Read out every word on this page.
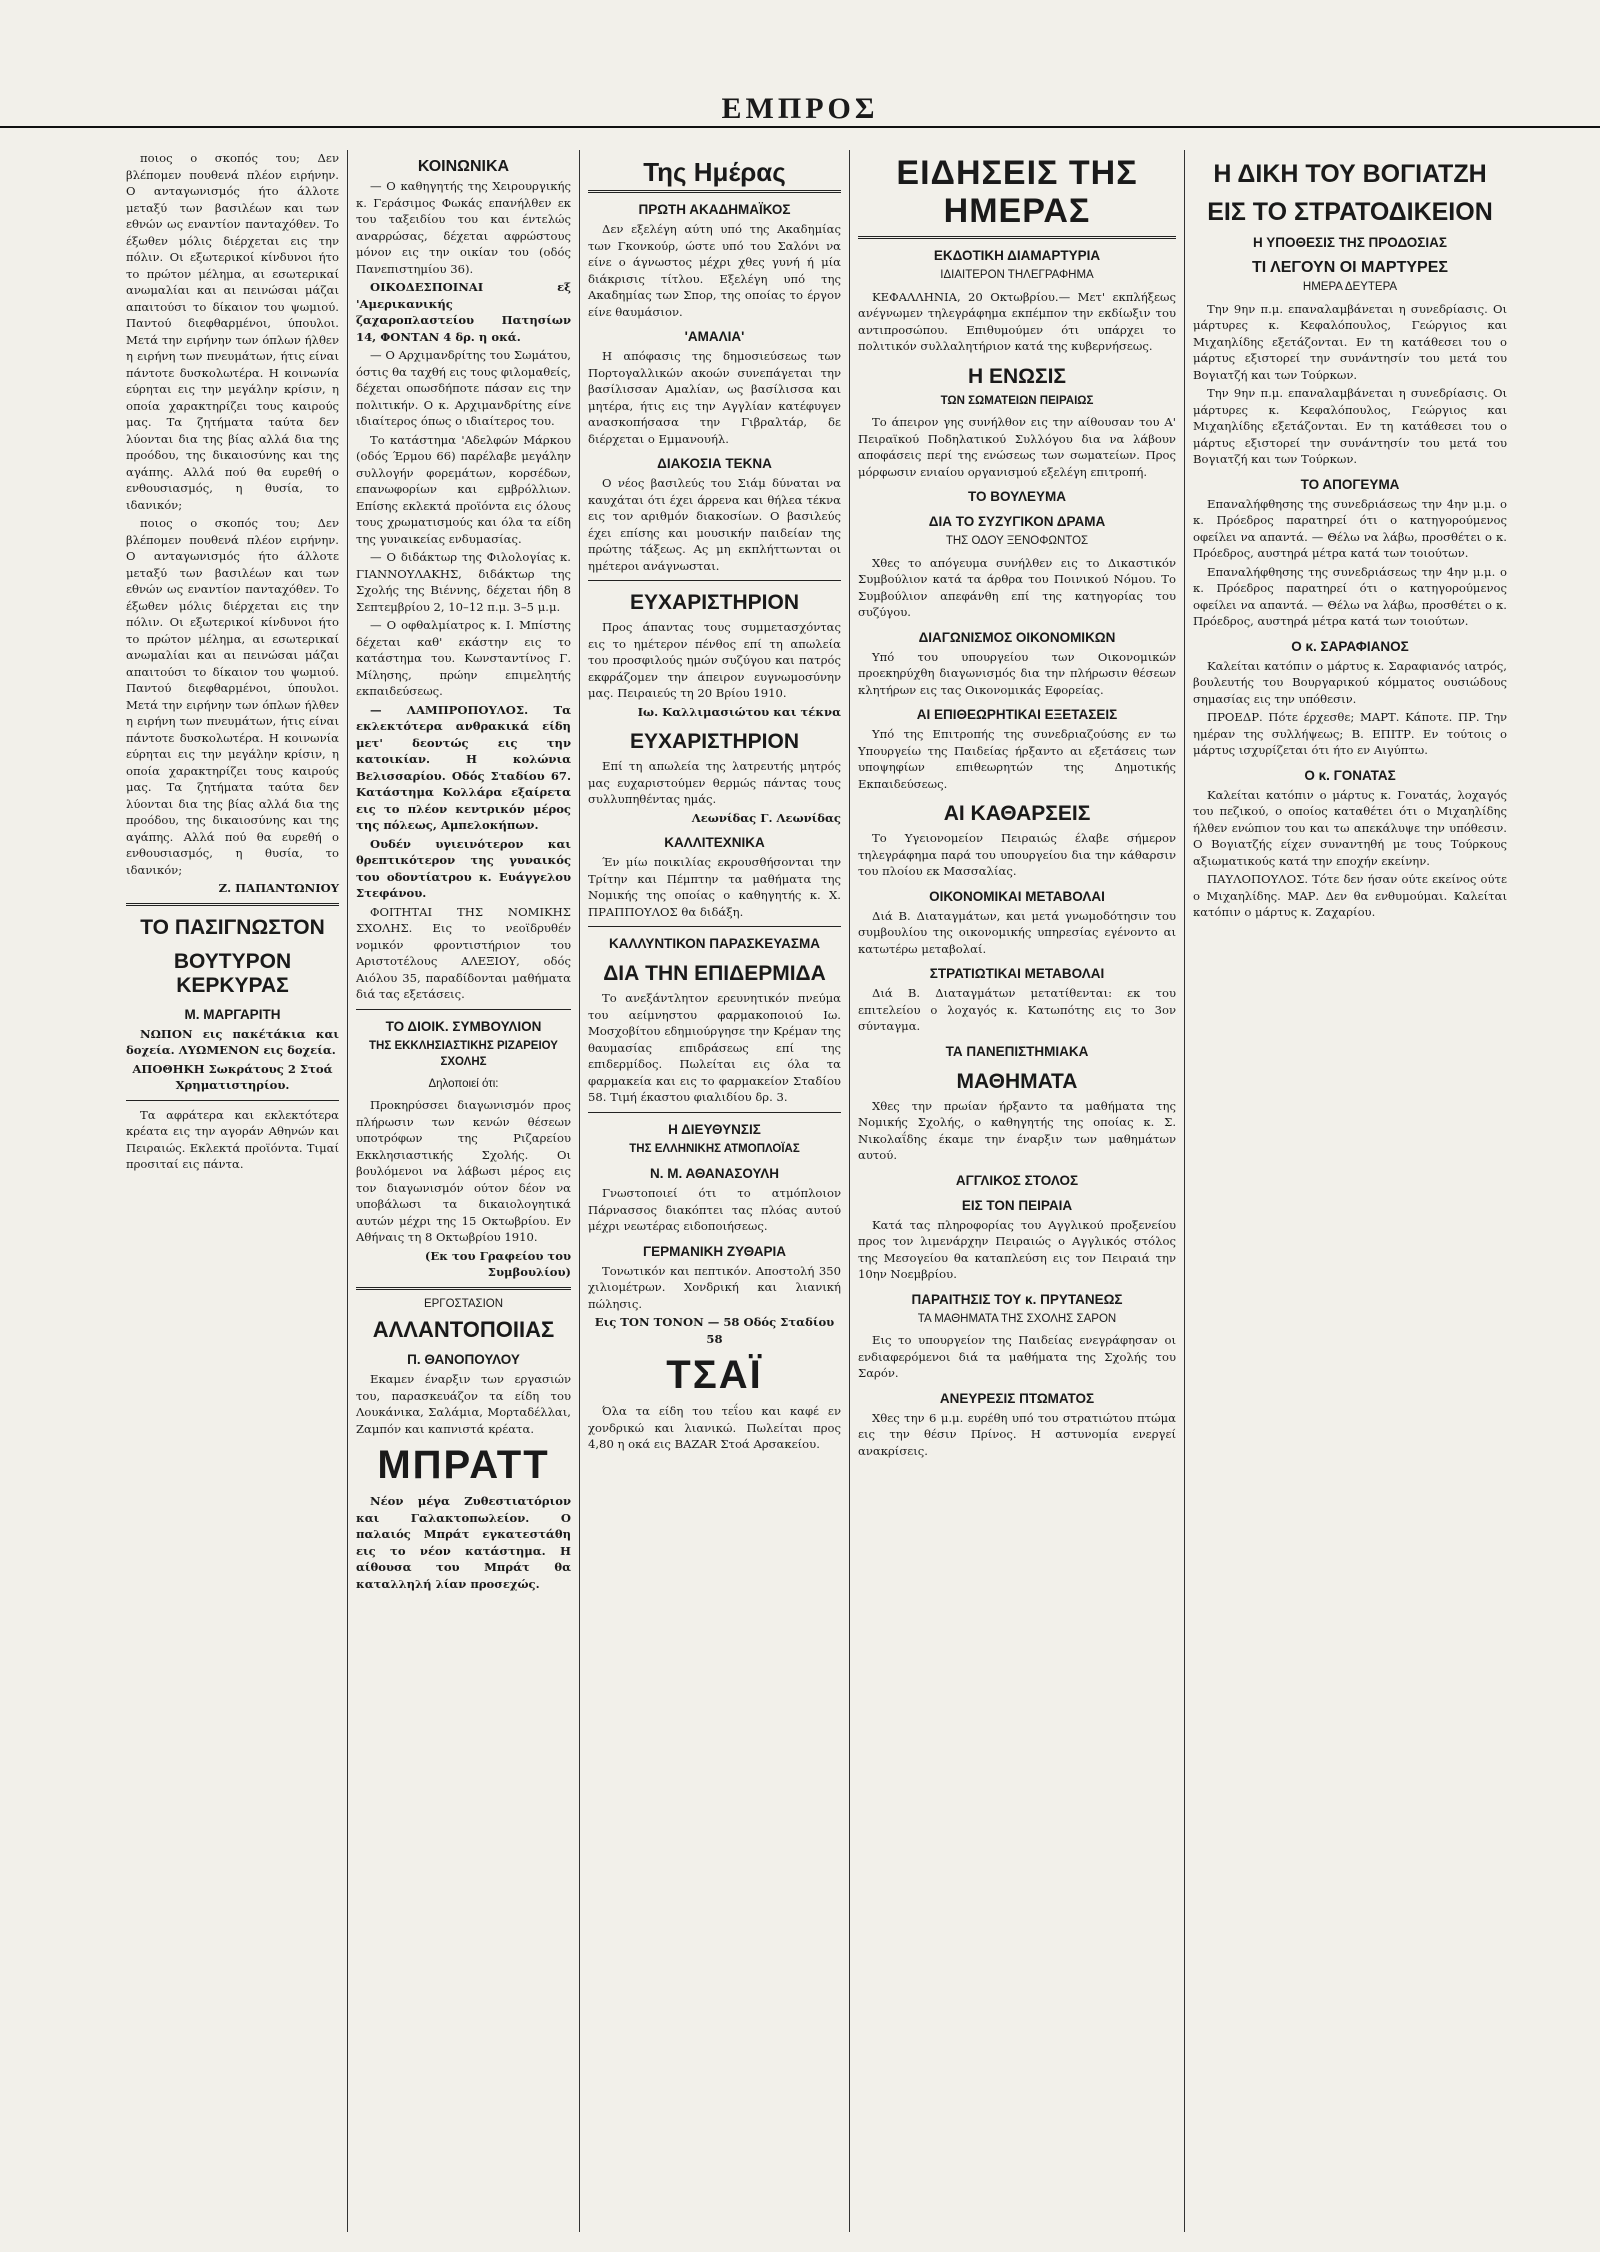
ΕΜΠΡΟΣ

ποιος ο σκοπός του; Δεν βλέπομεν πουθενά πλέον ειρήνην. Ο ανταγωνισμός ήτο άλλοτε μεταξύ των βασιλέων και των εθνών ως εναντίον πανταχόθεν. Το έξωθεν μόλις διέρχεται εις την πόλιν. Οι εξωτερικοί κίνδυνοι ήτο το πρώτον μέλημα, αι εσωτερικαί ανωμαλίαι και αι πεινώσαι μάζαι απαιτούσι το δίκαιον του ψωμιού. Παντού διεφθαρμένοι, ύπουλοι. Μετά την ειρήνην των όπλων ήλθεν η ειρήνη των πνευμάτων, ήτις είναι πάντοτε δυσκολωτέρα. Η κοινωνία εύρηται εις την μεγάλην κρίσιν, η οποία χαρακτηρίζει τους καιρούς μας. Τα ζητήματα ταύτα δεν λύονται δια της βίας αλλά δια της προόδου, της δικαιοσύνης και της αγάπης. Αλλά πού θα ευρεθή ο ενθουσιασμός, η θυσία, το ιδανικόν;

ποιος ο σκοπός του; Δεν βλέπομεν πουθενά πλέον ειρήνην. Ο ανταγωνισμός ήτο άλλοτε μεταξύ των βασιλέων και των εθνών ως εναντίον πανταχόθεν. Το έξωθεν μόλις διέρχεται εις την πόλιν. Οι εξωτερικοί κίνδυνοι ήτο το πρώτον μέλημα, αι εσωτερικαί ανωμαλίαι και αι πεινώσαι μάζαι απαιτούσι το δίκαιον του ψωμιού. Παντού διεφθαρμένοι, ύπουλοι. Μετά την ειρήνην των όπλων ήλθεν η ειρήνη των πνευμάτων, ήτις είναι πάντοτε δυσκολωτέρα. Η κοινωνία εύρηται εις την μεγάλην κρίσιν, η οποία χαρακτηρίζει τους καιρούς μας. Τα ζητήματα ταύτα δεν λύονται δια της βίας αλλά δια της προόδου, της δικαιοσύνης και της αγάπης. Αλλά πού θα ευρεθή ο ενθουσιασμός, η θυσία, το ιδανικόν;

Ζ. ΠΑΠΑΝΤΩΝΙΟΥ
ΤΟ ΠΑΣΙΓΝΩΣΤΟΝ
ΒΟΥΤΥΡΟΝ ΚΕΡΚΥΡΑΣ
Μ. ΜΑΡΓΑΡΙΤΗ

ΝΩΠΟΝ εις πακέτάκια και δοχεία. ΛΥΩΜΕΝΟΝ εις δοχεία.

ΑΠΟΘΗΚΗ Σωκράτους 2 Στοά Χρηματιστηρίου.

Τα αφράτερα και εκλεκτότερα κρέατα εις την αγοράν Αθηνών και Πειραιώς. Εκλεκτά προϊόντα. Τιμαί προσιταί εις πάντα.

ΚΟΙΝΩΝΙΚΑ

— Ο καθηγητής της Χειρουργικής κ. Γεράσιμος Φωκάς επανήλθεν εκ του ταξειδίου του και έντελώς αναρρώσας, δέχεται αφρώστους μόνον εις την οικίαν του (οδός Πανεπιστημίου 36).

ΟΙΚΟΔΕΣΠΟΙΝΑΙ εξ 'Αμερικανικής ζαχαροπλαστείου Πατησίων 14, ΦΟΝΤΑΝ 4 δρ. η οκά.

— Ο Αρχιμανδρίτης του Σωμάτου, όστις θα ταχθή εις τους φιλομαθείς, δέχεται οπωσδήποτε πάσαν εις την πολιτικήν. Ο κ. Αρχιμανδρίτης είνε ιδιαίτερος όπως ο ιδιαίτερος του.

Το κατάστημα 'Αδελφών Μάρκου (οδός Έρμου 66) παρέλαβε μεγάλην συλλογήν φορεμάτων, κορσέδων, επανωφορίων και εμβρόλλιων. Επίσης εκλεκτά προϊόντα εις όλους τους χρωματισμούς και όλα τα είδη της γυναικείας ενδυμασίας.

— Ο διδάκτωρ της Φιλολογίας κ. ΓΙΑΝΝΟΥΛΑΚΗΣ, διδάκτωρ της Σχολής της Βιέννης, δέχεται ήδη 8 Σεπτεμβρίου 2, 10–12 π.μ. 3–5 μ.μ.

— Ο οφθαλμίατρος κ. Ι. Μπίστης δέχεται καθ' εκάστην εις το κατάστημα του. Κωνσταντίνος Γ. Μίλησης, πρώην επιμελητής εκπαιδεύσεως.

— ΛΑΜΠΡΟΠΟΥΛΟΣ. Τα εκλεκτότερα ανθρακικά είδη μετ' δεοντώς εις την κατοικίαν. Η κολώνια Βελισσαρίου. Οδός Σταδίου 67. Κατάστημα Κολλάρα εξαίρετα εις το πλέον κεντρικόν μέρος της πόλεως, Αμπελοκήπων.

Ουδέν υγιεινότερον και θρεπτικότερον της γυναικός του οδοντίατρου κ. Ευάγγελου Στεφάνου.

ΦΟΙΤΗΤΑΙ ΤΗΣ ΝΟΜΙΚΗΣ ΣΧΟΛΗΣ. Εις το νεοϊδρυθέν νομικόν φροντιστήριον του Αριστοτέλους ΑΛΕΞΙΟΥ, οδός Αιόλου 35, παραδίδονται μαθήματα διά τας εξετάσεις.

ΤΟ ΔΙΟΙΚ. ΣΥΜΒΟΥΛΙΟΝ
ΤΗΣ ΕΚΚΛΗΣΙΑΣΤΙΚΗΣ ΡΙΖΑΡΕΙΟΥ ΣΧΟΛΗΣ
Δηλοποιεί ότι:

Προκηρύσσει διαγωνισμόν προς πλήρωσιν των κενών θέσεων υποτρόφων της Ριζαρείου Εκκλησιαστικής Σχολής. Οι βουλόμενοι να λάβωσι μέρος εις τον διαγωνισμόν ούτον δέον να υποβάλωσι τα δικαιολογητικά αυτών μέχρι της 15 Οκτωβρίου. Εν Αθήναις τη 8 Οκτωβρίου 1910.

(Εκ του Γραφείου του Συμβουλίου)
ΕΡΓΟΣΤΑΣΙΟΝ
ΑΛΛΑΝΤΟΠΟΙΙΑΣ
Π. ΘΑΝΟΠΟΥΛΟΥ

Εκαμεν έναρξιν των εργασιών του, παρασκευάζον τα είδη του Λουκάνικα, Σαλάμια, Μορταδέλλαι, Ζαμπόν και καπνιστά κρέατα.

ΜΠΡΑΤΤ

Νέον μέγα Ζυθεστιατόριον και Γαλακτοπωλείον. Ο παλαιός Μπράτ εγκατεστάθη εις το νέον κατάστημα. Η αίθουσα του Μπράτ θα καταλληλή λίαν προσεχώς.

Της Ημέρας
ΠΡΩΤΗ ΑΚΑΔΗΜΑΪΚΟΣ

Δεν εξελέγη αύτη υπό της Ακαδημίας των Γκονκούρ, ώστε υπό του Σαλόνι να είνε ο άγνωστος μέχρι χθες γυνή ή μία διάκρισις τίτλου. Εξελέγη υπό της Ακαδημίας των Σπορ, της οποίας το έργον είνε θαυμάσιον.

'ΑΜΑΛΙΑ'

Η απόφασις της δημοσιεύσεως των Πορτογαλλικών ακοών συνεπάγεται την βασίλισσαν Αμαλίαν, ως βασίλισσα και μητέρα, ήτις εις την Αγγλίαν κατέφυγεν ανασκοπήσασα την Γιβραλτάρ, δε διέρχεται ο Εμμανουήλ.

ΔΙΑΚΟΣΙΑ ΤΕΚΝΑ

Ο νέος βασιλεύς του Σιάμ δύναται να καυχάται ότι έχει άρρενα και θήλεα τέκνα εις τον αριθμόν διακοσίων. Ο βασιλεύς έχει επίσης και μουσικήν παιδείαν της πρώτης τάξεως. Ας μη εκπλήττωνται οι ημέτεροι ανάγνωσται.

ΕΥΧΑΡΙΣΤΗΡΙΟΝ

Προς άπαντας τους συμμετασχόντας εις το ημέτερον πένθος επί τη απωλεία του προσφιλούς ημών συζύγου και πατρός εκφράζομεν την άπειρον ευγνωμοσύνην μας. Πειραιεύς τη 20 Βρίου 1910.

Ιω. Καλλιμασιώτου και τέκνα
ΕΥΧΑΡΙΣΤΗΡΙΟΝ

Επί τη απωλεία της λατρευτής μητρός μας ευχαριστούμεν θερμώς πάντας τους συλλυπηθέντας ημάς.

Λεωνίδας Γ. Λεωνίδας
ΚΑΛΛΙΤΕΧΝΙΚΑ

Έν μίω ποικιλίας εκρουσθήσονται την Τρίτην και Πέμπτην τα μαθήματα της Νομικής της οποίας ο καθηγητής κ. Χ. ΠΡΑΠΠΟΥΛΟΣ θα διδάξη.

ΚΑΛΛΥΝΤΙΚΟΝ ΠΑΡΑΣΚΕΥΑΣΜΑ
ΔΙΑ ΤΗΝ ΕΠΙΔΕΡΜΙΔΑ

Το ανεξάντλητον ερευνητικόν πνεύμα του αείμνηστου φαρμακοποιού Ιω. Μοσχοβίτου εδημιούργησε την Κρέμαν της θαυμασίας επιδράσεως επί της επιδερμίδος. Πωλείται εις όλα τα φαρμακεία και εις το φαρμακείον Σταδίου 58. Τιμή έκαστου φιαλιδίου δρ. 3.

Η ΔΙΕΥΘΥΝΣΙΣ
ΤΗΣ ΕΛΛΗΝΙΚΗΣ ΑΤΜΟΠΛΟΪΑΣ
Ν. Μ. ΑΘΑΝΑΣΟΥΛΗ

Γνωστοποιεί ότι το ατμόπλοιον Πάρνασσος διακόπτει τας πλόας αυτού μέχρι νεωτέρας ειδοποιήσεως.

ΓΕΡΜΑΝΙΚΗ ΖΥΘΑΡΙΑ

Τονωτικόν και πεπτικόν. Αποστολή 350 χιλιομέτρων. Χονδρική και λιανική πώλησις.

Εις ΤΟΝ ΤΟΝΟΝ — 58 Οδός Σταδίου 58

ΤΣΑΪ

Όλα τα είδη του τεΐου και καφέ εν χονδρικώ και λιανικώ. Πωλείται προς 4,80 η οκά εις BAZAR Στοά Αρσακείου.

ΕΙΔΗΣΕΙΣ ΤΗΣ ΗΜΕΡΑΣ
ΕΚΔΟΤΙΚΗ ΔΙΑΜΑΡΤΥΡΙΑ
ΙΔΙΑΙΤΕΡΟΝ ΤΗΛΕΓΡΑΦΗΜΑ

ΚΕΦΑΛΛΗΝΙΑ, 20 Οκτωβρίου.— Μετ' εκπλήξεως ανέγνωμεν τηλεγράφημα εκπέμπον την εκδίωξιν του αντιπροσώπου. Επιθυμούμεν ότι υπάρχει το πολιτικόν συλλαλητήριον κατά της κυβερνήσεως.

Η ΕΝΩΣΙΣ
ΤΩΝ ΣΩΜΑΤΕΙΩΝ ΠΕΙΡΑΙΩΣ

Το άπειρον γης συνήλθον εις την αίθουσαν του Α' Πειραϊκού Ποδηλατικού Συλλόγου δια να λάβουν αποφάσεις περί της ενώσεως των σωματείων. Προς μόρφωσιν ενιαίου οργανισμού εξελέγη επιτροπή.

ΤΟ ΒΟΥΛΕΥΜΑ
ΔΙΑ ΤΟ ΣΥΖΥΓΙΚΟΝ ΔΡΑΜΑ
ΤΗΣ ΟΔΟΥ ΞΕΝΟΦΩΝΤΟΣ

Χθες το απόγευμα συνήλθεν εις το Δικαστικόν Συμβούλιον κατά τα άρθρα του Ποινικού Νόμου. Το Συμβούλιον απεφάνθη επί της κατηγορίας του συζύγου.

ΔΙΑΓΩΝΙΣΜΟΣ ΟΙΚΟΝΟΜΙΚΩΝ

Υπό του υπουργείου των Οικονομικών προεκηρύχθη διαγωνισμός δια την πλήρωσιν θέσεων κλητήρων εις τας Οικονομικάς Εφορείας.

ΑΙ ΕΠΙΘΕΩΡΗΤΙΚΑΙ ΕΞΕΤΑΣΕΙΣ

Υπό της Επιτροπής της συνεδριαζούσης εν τω Υπουργείω της Παιδείας ήρξαντο αι εξετάσεις των υποψηφίων επιθεωρητών της Δημοτικής Εκπαιδεύσεως.

ΑΙ ΚΑΘΑΡΣΕΙΣ

Το Υγειονομείον Πειραιώς έλαβε σήμερον τηλεγράφημα παρά του υπουργείου δια την κάθαρσιν του πλοίου εκ Μασσαλίας.

ΟΙΚΟΝΟΜΙΚΑΙ ΜΕΤΑΒΟΛΑΙ

Διά Β. Διαταγμάτων, και μετά γνωμοδότησιν του συμβουλίου της οικονομικής υπηρεσίας εγένοντο αι κατωτέρω μεταβολαί.

ΣΤΡΑΤΙΩΤΙΚΑΙ ΜΕΤΑΒΟΛΑΙ

Διά Β. Διαταγμάτων μετατίθενται: εκ του επιτελείου ο λοχαγός κ. Κατωπότης εις το 3ον σύνταγμα.

ΤΑ ΠΑΝΕΠΙΣΤΗΜΙΑΚΑ
ΜΑΘΗΜΑΤΑ

Χθες την πρωίαν ήρξαντο τα μαθήματα της Νομικής Σχολής, ο καθηγητής της οποίας κ. Σ. Νικολαΐδης έκαμε την έναρξιν των μαθημάτων αυτού.

ΑΓΓΛΙΚΟΣ ΣΤΟΛΟΣ
ΕΙΣ ΤΟΝ ΠΕΙΡΑΙΑ

Κατά τας πληροφορίας του Αγγλικού προξενείου προς τον λιμενάρχην Πειραιώς ο Αγγλικός στόλος της Μεσογείου θα καταπλεύση εις τον Πειραιά την 10ην Νοεμβρίου.

ΠΑΡΑΙΤΗΣΙΣ ΤΟΥ κ. ΠΡΥΤΑΝΕΩΣ
ΤΑ ΜΑΘΗΜΑΤΑ ΤΗΣ ΣΧΟΛΗΣ ΣΑΡΟΝ

Εις το υπουργείον της Παιδείας ενεγράφησαν οι ενδιαφερόμενοι διά τα μαθήματα της Σχολής του Σαρόν.

ΑΝΕΥΡΕΣΙΣ ΠΤΩΜΑΤΟΣ

Χθες την 6 μ.μ. ευρέθη υπό του στρατιώτου πτώμα εις την θέσιν Πρίνος. Η αστυνομία ενεργεί ανακρίσεις.

Η ΔΙΚΗ ΤΟΥ ΒΟΓΙΑΤΖΗ
ΕΙΣ ΤΟ ΣΤΡΑΤΟΔΙΚΕΙΟΝ
Η ΥΠΟΘΕΣΙΣ ΤΗΣ ΠΡΟΔΟΣΙΑΣ
ΤΙ ΛΕΓΟΥΝ ΟΙ ΜΑΡΤΥΡΕΣ
ΗΜΕΡΑ ΔΕΥΤΕΡΑ

Την 9ην π.μ. επαναλαμβάνεται η συνεδρίασις. Οι μάρτυρες κ. Κεφαλόπουλος, Γεώργιος και Μιχαηλίδης εξετάζονται. Εν τη κατάθεσει του ο μάρτυς εξιστορεί την συνάντησίν του μετά του Βογιατζή και των Τούρκων.

Την 9ην π.μ. επαναλαμβάνεται η συνεδρίασις. Οι μάρτυρες κ. Κεφαλόπουλος, Γεώργιος και Μιχαηλίδης εξετάζονται. Εν τη κατάθεσει του ο μάρτυς εξιστορεί την συνάντησίν του μετά του Βογιατζή και των Τούρκων.

ΤΟ ΑΠΟΓΕΥΜΑ

Επαναλήφθησης της συνεδριάσεως την 4ην μ.μ. ο κ. Πρόεδρος παρατηρεί ότι ο κατηγορούμενος οφείλει να απαντά. — Θέλω να λάβω, προσθέτει ο κ. Πρόεδρος, αυστηρά μέτρα κατά των τοιούτων.

Επαναλήφθησης της συνεδριάσεως την 4ην μ.μ. ο κ. Πρόεδρος παρατηρεί ότι ο κατηγορούμενος οφείλει να απαντά. — Θέλω να λάβω, προσθέτει ο κ. Πρόεδρος, αυστηρά μέτρα κατά των τοιούτων.

Ο κ. ΣΑΡΑΦΙΑΝΟΣ

Καλείται κατόπιν ο μάρτυς κ. Σαραφιανός ιατρός, βουλευτής του Βουργαρικού κόμματος ουσιώδους σημασίας εις την υπόθεσιν.

ΠΡΟΕΔΡ. Πότε έρχεσθε; ΜΑΡΤ. Κάποτε. ΠΡ. Την ημέραν της συλλήψεως; Β. ΕΠΙΤΡ. Εν τούτοις ο μάρτυς ισχυρίζεται ότι ήτο εν Αιγύπτω.

Ο κ. ΓΟΝΑΤΑΣ

Καλείται κατόπιν ο μάρτυς κ. Γονατάς, λοχαγός του πεζικού, ο οποίος καταθέτει ότι ο Μιχαηλίδης ήλθεν ενώπιον του και τω απεκάλυψε την υπόθεσιν. Ο Βογιατζής είχεν συναντηθή με τους Τούρκους αξιωματικούς κατά την εποχήν εκείνην.

ΠΑΥΛΟΠΟΥΛΟΣ. Τότε δεν ήσαν ούτε εκείνος ούτε ο Μιχαηλίδης. ΜΑΡ. Δεν θα ενθυμούμαι. Καλείται κατόπιν ο μάρτυς κ. Ζαχαρίου.
